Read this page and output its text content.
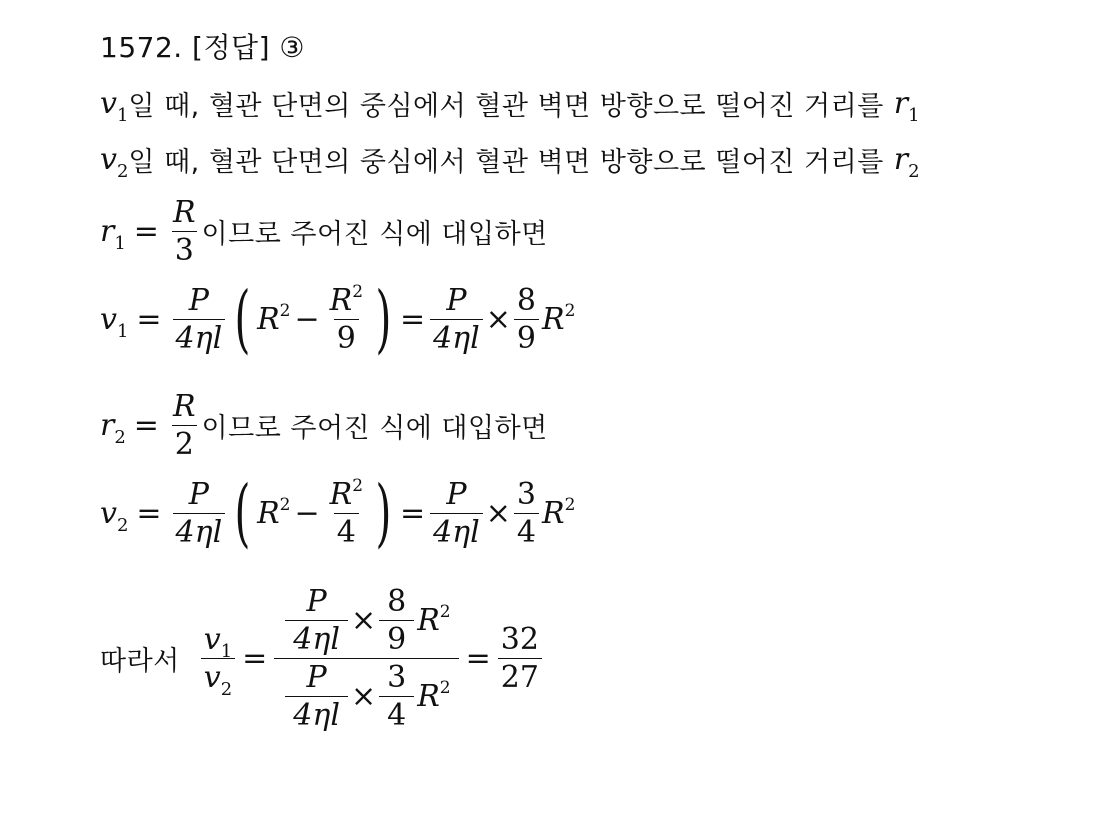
1572. [정답] ③
$v_1$ 일 때, 혈관 단면의 중심에서 혈관 벽면 방향으로 떨어진 거리를 $r_1$
$v_2$ 일 때, 혈관 단면의 중심에서 혈관 벽면 방향으로 떨어진 거리를 $r_2$
$r_1 = \frac{R}{3}$ 이므로 주어진 식에 대입하면
$v_1 = \frac{P}{4\eta l}$ ( $R^2 - \frac{R^2}{9}$ ) = $\frac{P}{4\eta l} \times \frac{8}{9} R^2$
$r_2 = \frac{R}{2}$ 이므로 주어진 식에 대입하면
$v_2 = \frac{P}{4\eta l}$ ( $R^2 - \frac{R^2}{4}$ ) = $\frac{P}{4\eta l} \times \frac{3}{4} R^2$
따라서 $\frac{v_1}{v_2} = \frac{\frac{P}{4\eta l} \times \frac{8}{9} R^2}{\frac{P}{4\eta l} \times \frac{3}{4} R^2} = \frac{32}{27}$
